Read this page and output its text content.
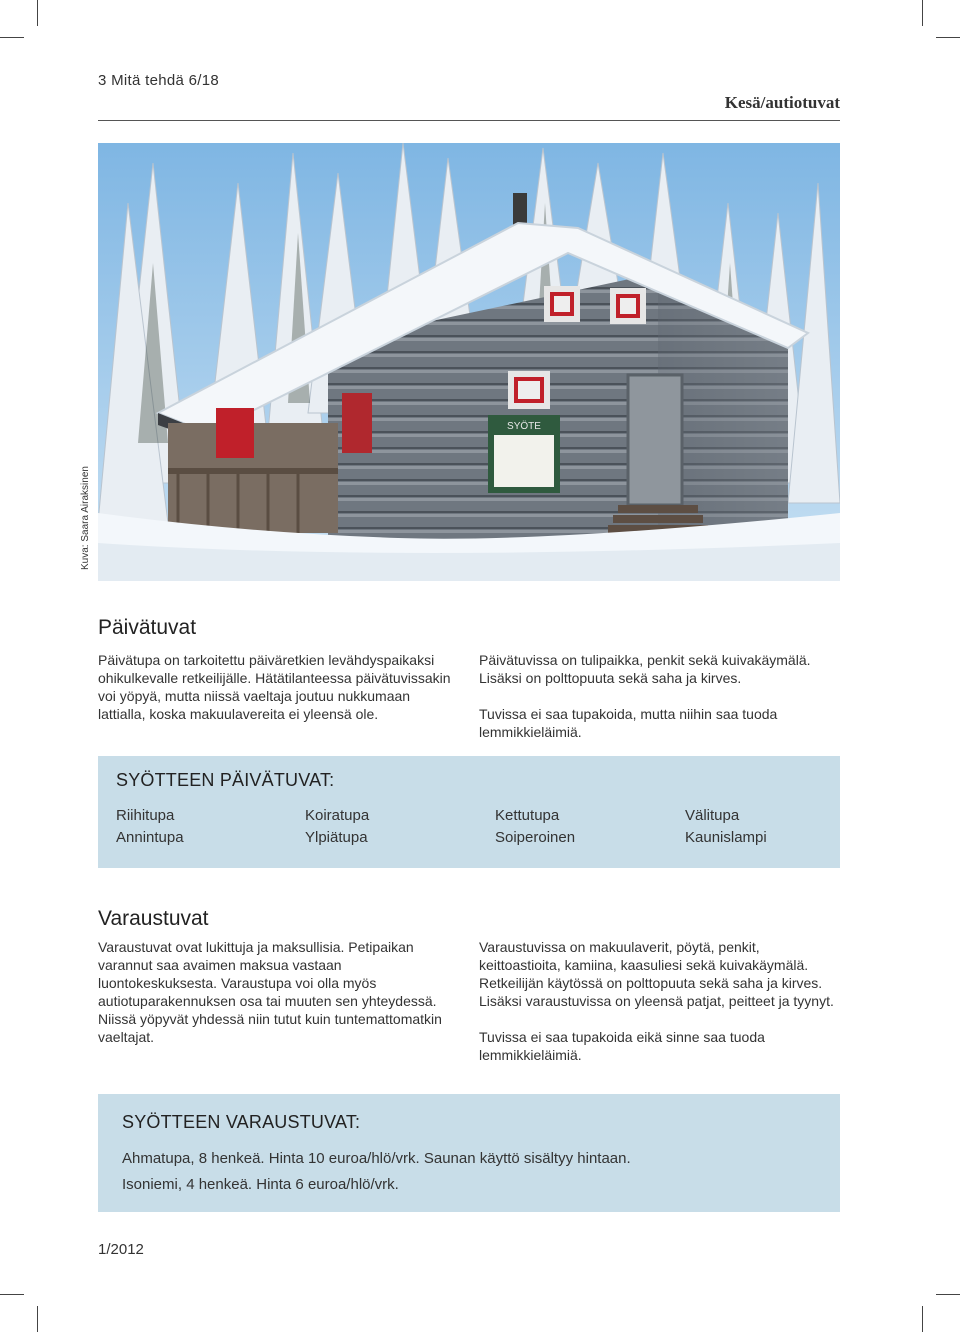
3 Mitä tehdä 6/18
Kesä/autiotuvat
Kuva: Saara Airaksinen
SYÖTE
Päivätuvat

Päivätupa on tarkoitettu päiväretkien levähdyspaikaksi ohikulkevalle retkeilijälle. Hätätilanteessa päivätuvissakin voi yöpyä, mutta niissä vaeltaja joutuu nukkumaan lattialla, koska makuulavereita ei yleensä ole.

Päivätuvissa on tulipaikka, penkit sekä kuivakäymälä. Lisäksi on polttopuuta sekä saha ja kirves.

Tuvissa ei saa tupakoida, mutta niihin saa tuoda lemmikkieläimiä.

SYÖTTEEN PÄIVÄTUVAT:
Riihitupa	Koiratupa	Kettutupa	Välitupa
Annintupa	Ylpiätupa	Soiperoinen	Kaunislampi
Varaustuvat

Varaustuvat ovat lukittuja ja maksullisia. Petipaikan varannut saa avaimen maksua vastaan luontokeskuksesta. Varaustupa voi olla myös autiotuparakennuksen osa tai muuten sen yhteydessä. Niissä yöpyvät yhdessä niin tutut kuin tuntemattomatkin vaeltajat.

Varaustuvissa on makuulaverit, pöytä, penkit, keittoastioita, kamiina, kaasuliesi sekä kuivakäymälä. Retkeilijän käytössä on polttopuuta sekä saha ja kirves. Lisäksi varaustuvissa on yleensä patjat, peitteet ja tyynyt.

Tuvissa ei saa tupakoida eikä sinne saa tuoda lemmikkieläimiä.

SYÖTTEEN VARAUSTUVAT:
Ahmatupa, 8 henkeä. Hinta 10 euroa/hlö/vrk. Saunan käyttö sisältyy hintaan.
Isoniemi, 4 henkeä. Hinta 6 euroa/hlö/vrk.
1/2012
